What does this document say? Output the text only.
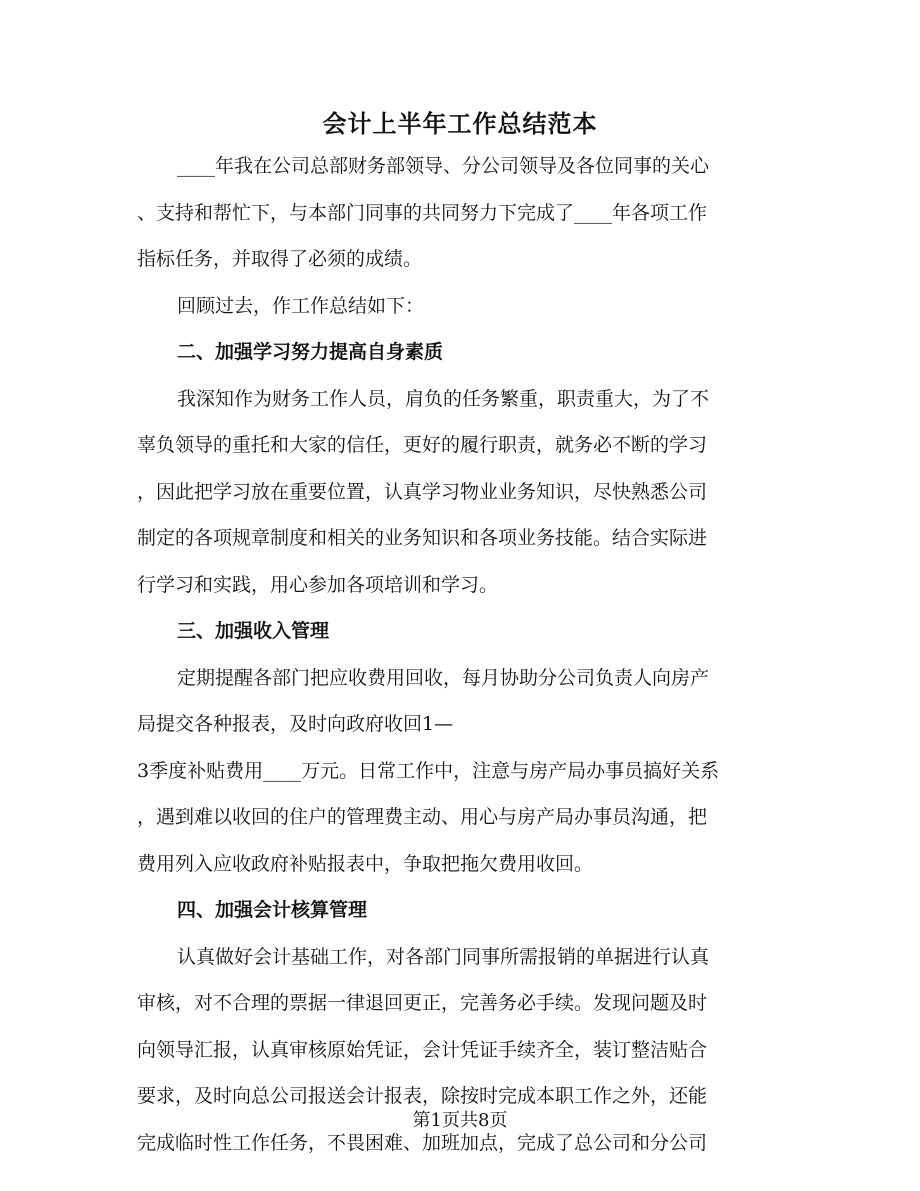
会计上半年工作总结范本
____年我在公司总部财务部领导、分公司领导及各位同事的关心
、支持和帮忙下，与本部门同事的共同努力下完成了____年各项工作
指标任务，并取得了必须的成绩。
回顾过去，作工作总结如下：
二、加强学习努力提高自身素质
我深知作为财务工作人员，肩负的任务繁重，职责重大，为了不
辜负领导的重托和大家的信任，更好的履行职责，就务必不断的学习
，因此把学习放在重要位置，认真学习物业业务知识，尽快熟悉公司
制定的各项规章制度和相关的业务知识和各项业务技能。结合实际进
行学习和实践，用心参加各项培训和学习。
三、加强收入管理
定期提醒各部门把应收费用回收，每月协助分公司负责人向房产
局提交各种报表，及时向政府收回1—
3季度补贴费用____万元。日常工作中，注意与房产局办事员搞好关系
，遇到难以收回的住户的管理费主动、用心与房产局办事员沟通，把
费用列入应收政府补贴报表中，争取把拖欠费用收回。
四、加强会计核算管理
认真做好会计基础工作，对各部门同事所需报销的单据进行认真
审核，对不合理的票据一律退回更正，完善务必手续。发现问题及时
向领导汇报，认真审核原始凭证，会计凭证手续齐全，装订整洁贴合
要求，及时向总公司报送会计报表，除按时完成本职工作之外，还能
完成临时性工作任务，不畏困难、加班加点，完成了总公司和分公司
第1页共8页
